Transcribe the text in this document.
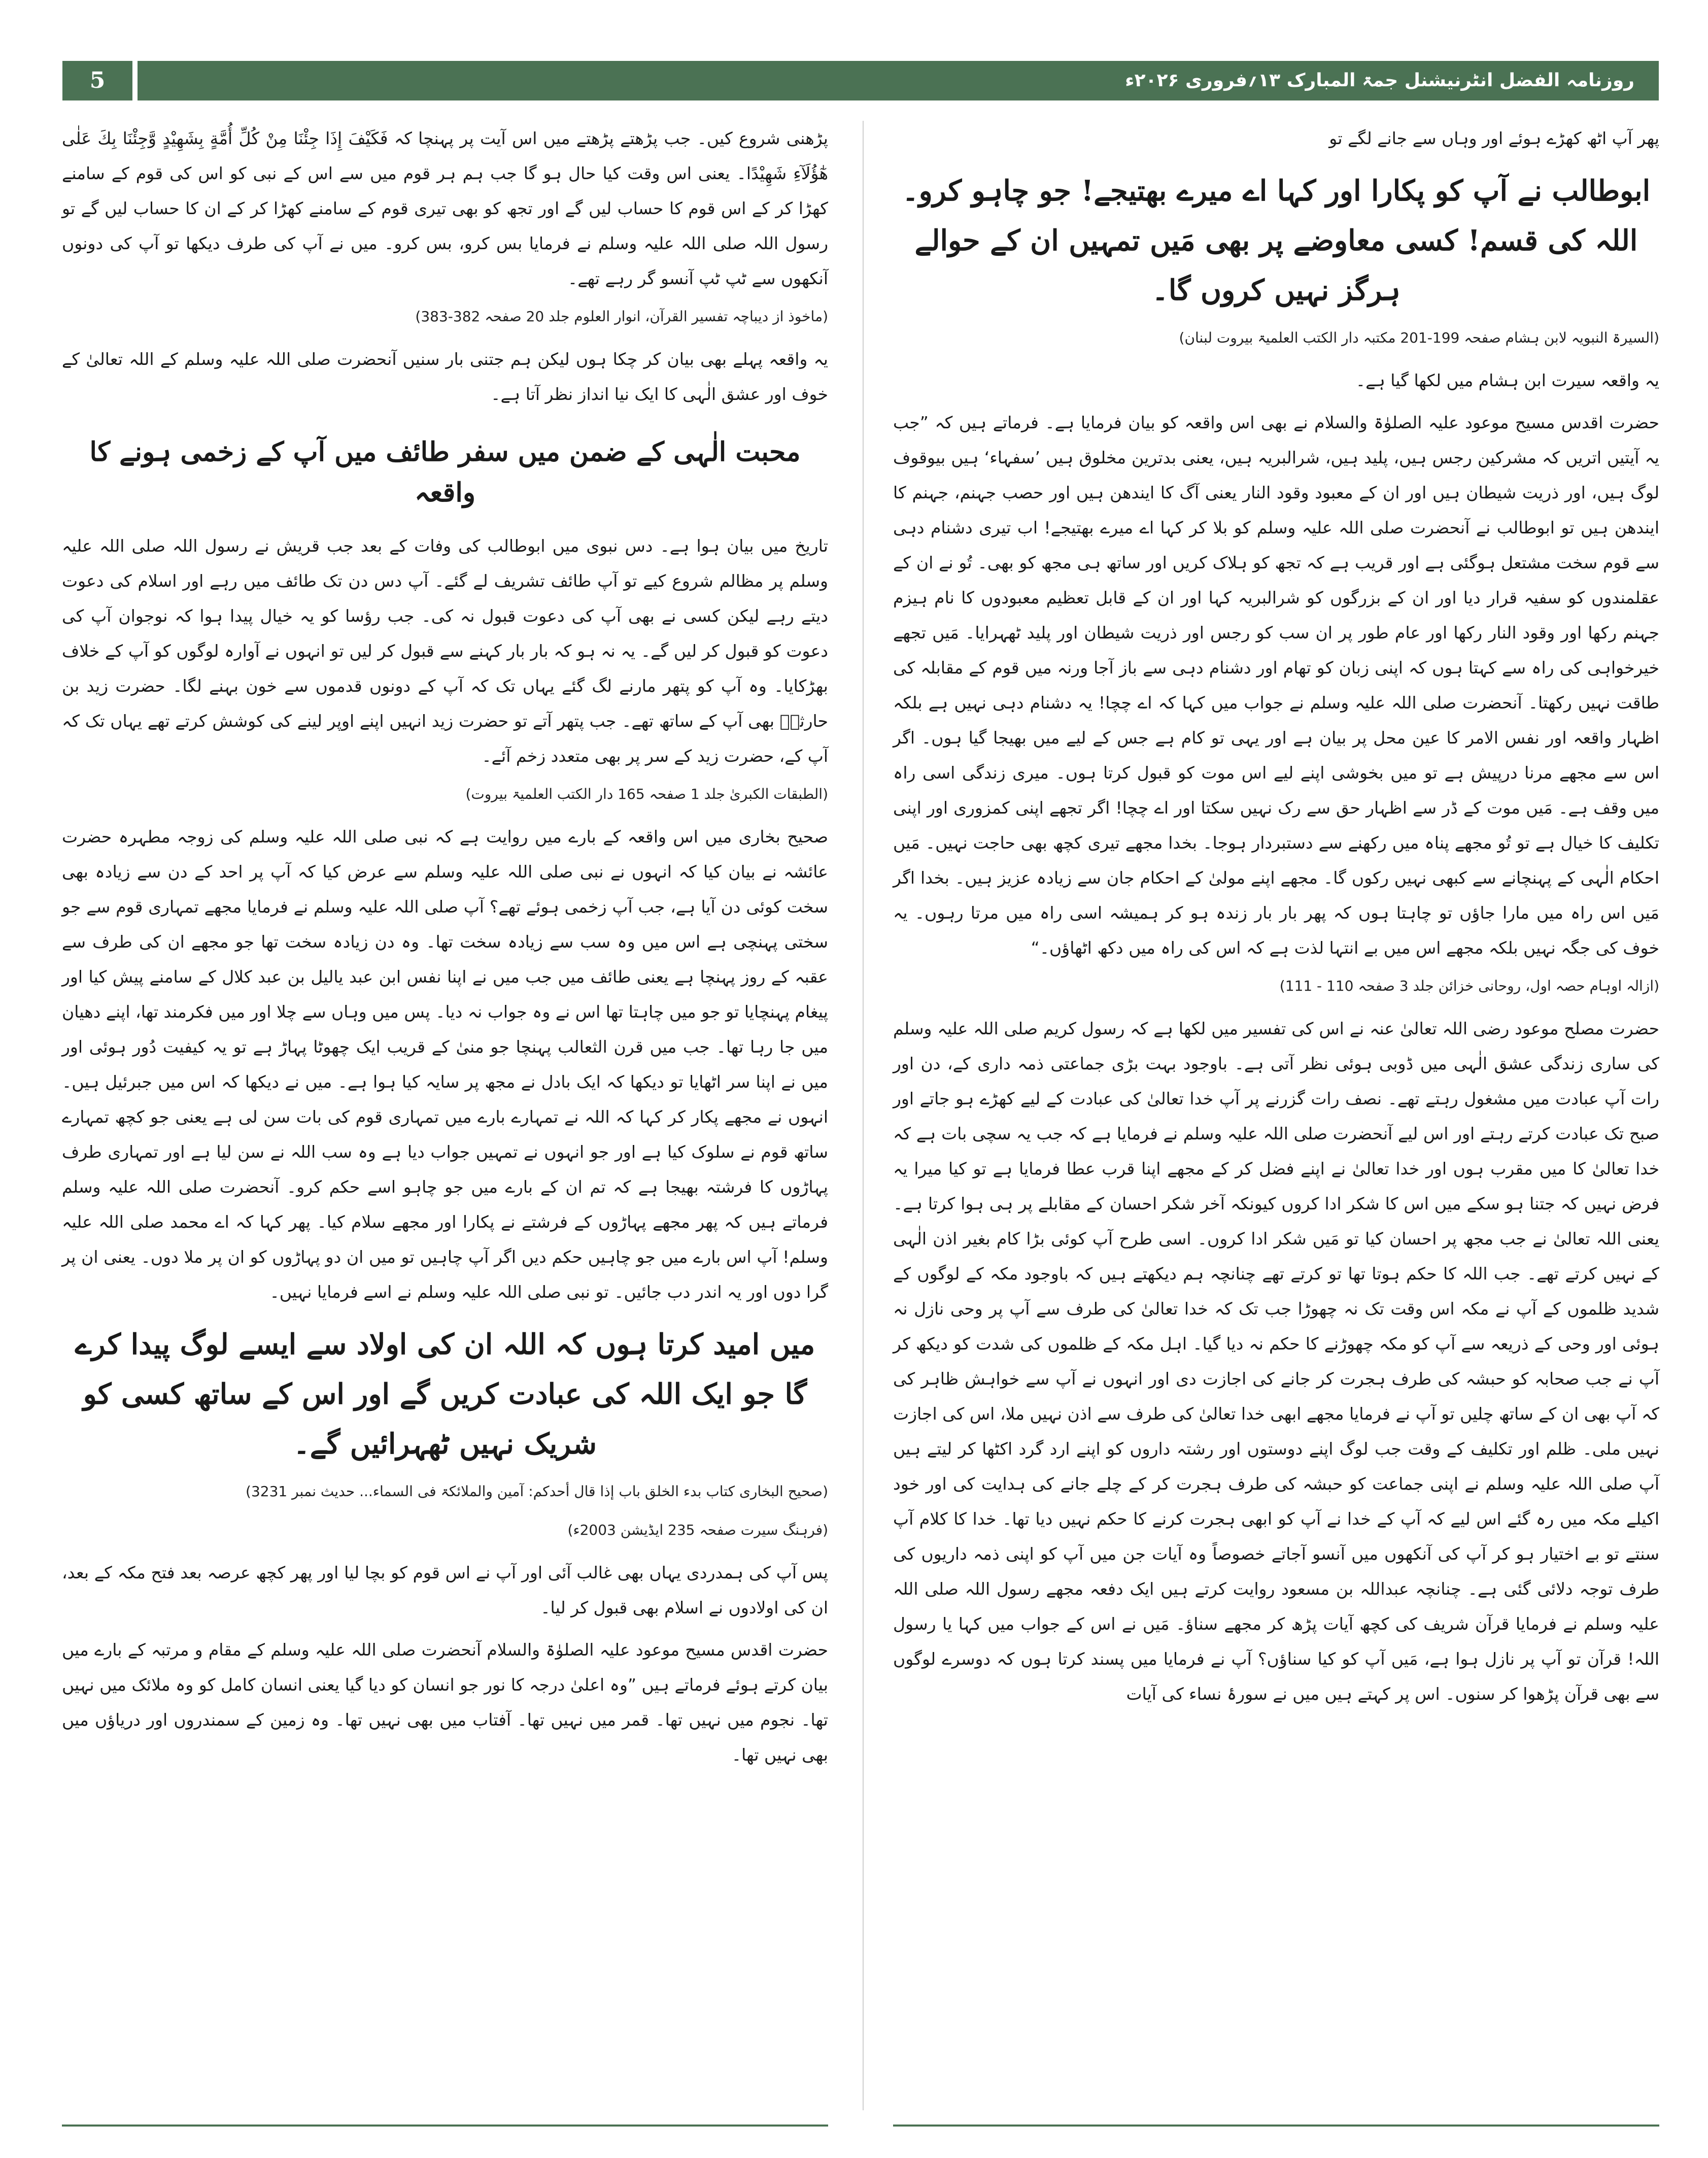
5	روزنامہ الفضل انٹرنیشنل جمۃ المبارک ۱۳؍فروری ۲۰۲۶ء

پھر آپ اٹھ کھڑے ہوئے اور وہاں سے جانے لگے تو

ابوطالب نے آپ کو پکارا اور کہا اے میرے بھتیجے! جو چاہو کرو۔ اللہ کی قسم! کسی معاوضے پر بھی مَیں تمہیں ان کے حوالے ہرگز نہیں کروں گا۔

(السیرۃ النبویہ لابن ہشام صفحہ 199-201 مکتبہ دار الکتب العلمیۃ بیروت لبنان)

یہ واقعہ سیرت ابن ہشام میں لکھا گیا ہے۔

حضرت اقدس مسیح موعود علیہ الصلوٰۃ والسلام نے بھی اس واقعہ کو بیان فرمایا ہے۔ فرماتے ہیں کہ ”جب یہ آیتیں اتریں کہ مشرکین رجس ہیں، پلید ہیں، شرالبریہ ہیں، یعنی بدترین مخلوق ہیں ’سفہاء‘ ہیں بیوقوف لوگ ہیں، اور ذریت شیطان ہیں اور ان کے معبود وقود النار یعنی آگ کا ایندھن ہیں اور حصب جہنم، جہنم کا ایندھن ہیں تو ابوطالب نے آنحضرت صلی اللہ علیہ وسلم کو بلا کر کہا اے میرے بھتیجے! اب تیری دشنام دہی سے قوم سخت مشتعل ہوگئی ہے اور قریب ہے کہ تجھ کو ہلاک کریں اور ساتھ ہی مجھ کو بھی۔ تُو نے ان کے عقلمندوں کو سفیہ قرار دیا اور ان کے بزرگوں کو شرالبریہ کہا اور ان کے قابل تعظیم معبودوں کا نام ہیزم جہنم رکھا اور وقود النار رکھا اور عام طور پر ان سب کو رجس اور ذریت شیطان اور پلید ٹھہرایا۔ مَیں تجھے خیرخواہی کی راہ سے کہتا ہوں کہ اپنی زبان کو تھام اور دشنام دہی سے باز آجا ورنہ میں قوم کے مقابلہ کی طاقت نہیں رکھتا۔ آنحضرت صلی اللہ علیہ وسلم نے جواب میں کہا کہ اے چچا! یہ دشنام دہی نہیں ہے بلکہ اظہار واقعہ اور نفس الامر کا عین محل پر بیان ہے اور یہی تو کام ہے جس کے لیے میں بھیجا گیا ہوں۔ اگر اس سے مجھے مرنا درپیش ہے تو میں بخوشی اپنے لیے اس موت کو قبول کرتا ہوں۔ میری زندگی اسی راہ میں وقف ہے۔ مَیں موت کے ڈر سے اظہار حق سے رک نہیں سکتا اور اے چچا! اگر تجھے اپنی کمزوری اور اپنی تکلیف کا خیال ہے تو تُو مجھے پناہ میں رکھنے سے دستبردار ہوجا۔ بخدا مجھے تیری کچھ بھی حاجت نہیں۔ مَیں احکام الٰہی کے پہنچانے سے کبھی نہیں رکوں گا۔ مجھے اپنے مولیٰ کے احکام جان سے زیادہ عزیز ہیں۔ بخدا اگر مَیں اس راہ میں مارا جاؤں تو چاہتا ہوں کہ پھر بار بار زندہ ہو کر ہمیشہ اسی راہ میں مرتا رہوں۔ یہ خوف کی جگہ نہیں بلکہ مجھے اس میں بے انتہا لذت ہے کہ اس کی راہ میں دکھ اٹھاؤں۔“

(ازالہ اوہام حصہ اول، روحانی خزائن جلد 3 صفحہ 110 - 111)

حضرت مصلح موعود رضی اللہ تعالیٰ عنہ نے اس کی تفسیر میں لکھا ہے کہ رسول کریم صلی اللہ علیہ وسلم کی ساری زندگی عشق الٰہی میں ڈوبی ہوئی نظر آتی ہے۔ باوجود بہت بڑی جماعتی ذمہ داری کے، دن اور رات آپ عبادت میں مشغول رہتے تھے۔ نصف رات گزرنے پر آپ خدا تعالیٰ کی عبادت کے لیے کھڑے ہو جاتے اور صبح تک عبادت کرتے رہتے اور اس لیے آنحضرت صلی اللہ علیہ وسلم نے فرمایا ہے کہ جب یہ سچی بات ہے کہ خدا تعالیٰ کا میں مقرب ہوں اور خدا تعالیٰ نے اپنے فضل کر کے مجھے اپنا قرب عطا فرمایا ہے تو کیا میرا یہ فرض نہیں کہ جتنا ہو سکے میں اس کا شکر ادا کروں کیونکہ آخر شکر احسان کے مقابلے پر ہی ہوا کرتا ہے۔ یعنی اللہ تعالیٰ نے جب مجھ پر احسان کیا تو مَیں شکر ادا کروں۔ اسی طرح آپ کوئی بڑا کام بغیر اذن الٰہی کے نہیں کرتے تھے۔ جب اللہ کا حکم ہوتا تھا تو کرتے تھے چنانچہ ہم دیکھتے ہیں کہ باوجود مکہ کے لوگوں کے شدید ظلموں کے آپ نے مکہ اس وقت تک نہ چھوڑا جب تک کہ خدا تعالیٰ کی طرف سے آپ پر وحی نازل نہ ہوئی اور وحی کے ذریعہ سے آپ کو مکہ چھوڑنے کا حکم نہ دیا گیا۔ اہل مکہ کے ظلموں کی شدت کو دیکھ کر آپ نے جب صحابہ کو حبشہ کی طرف ہجرت کر جانے کی اجازت دی اور انہوں نے آپ سے خواہش ظاہر کی کہ آپ بھی ان کے ساتھ چلیں تو آپ نے فرمایا مجھے ابھی خدا تعالیٰ کی طرف سے اذن نہیں ملا، اس کی اجازت نہیں ملی۔ ظلم اور تکلیف کے وقت جب لوگ اپنے دوستوں اور رشتہ داروں کو اپنے ارد گرد اکٹھا کر لیتے ہیں آپ صلی اللہ علیہ وسلم نے اپنی جماعت کو حبشہ کی طرف ہجرت کر کے چلے جانے کی ہدایت کی اور خود اکیلے مکہ میں رہ گئے اس لیے کہ آپ کے خدا نے آپ کو ابھی ہجرت کرنے کا حکم نہیں دیا تھا۔ خدا کا کلام آپ سنتے تو بے اختیار ہو کر آپ کی آنکھوں میں آنسو آجاتے خصوصاً وہ آیات جن میں آپ کو اپنی ذمہ داریوں کی طرف توجہ دلائی گئی ہے۔ چنانچہ عبداللہ بن مسعود روایت کرتے ہیں ایک دفعہ مجھے رسول اللہ صلی اللہ علیہ وسلم نے فرمایا قرآن شریف کی کچھ آیات پڑھ کر مجھے سناؤ۔ مَیں نے اس کے جواب میں کہا یا رسول اللہ! قرآن تو آپ پر نازل ہوا ہے، مَیں آپ کو کیا سناؤں؟ آپ نے فرمایا میں پسند کرتا ہوں کہ دوسرے لوگوں سے بھی قرآن پڑھوا کر سنوں۔ اس پر کہتے ہیں میں نے سورۂ نساء کی آیات

پڑھنی شروع کیں۔ جب پڑھتے پڑھتے میں اس آیت پر پہنچا کہ فَكَيْفَ إِذَا جِئْنَا مِنْ كُلِّ أُمَّةٍ بِشَهِيْدٍ وَّجِئْنَا بِكَ عَلٰى هٰٓؤُلَآءِ شَهِيْدًا۔ یعنی اس وقت کیا حال ہو گا جب ہم ہر قوم میں سے اس کے نبی کو اس کی قوم کے سامنے کھڑا کر کے اس قوم کا حساب لیں گے اور تجھ کو بھی تیری قوم کے سامنے کھڑا کر کے ان کا حساب لیں گے تو رسول اللہ صلی اللہ علیہ وسلم نے فرمایا بس کرو، بس کرو۔ میں نے آپ کی طرف دیکھا تو آپ کی دونوں آنکھوں سے ٹپ ٹپ آنسو گر رہے تھے۔

(ماخوذ از دیباچہ تفسیر القرآن، انوار العلوم جلد 20 صفحہ 382-383)

یہ واقعہ پہلے بھی بیان کر چکا ہوں لیکن ہم جتنی بار سنیں آنحضرت صلی اللہ علیہ وسلم کے اللہ تعالیٰ کے خوف اور عشق الٰہی کا ایک نیا انداز نظر آتا ہے۔

محبت الٰہی کے ضمن میں سفر طائف میں آپ کے زخمی ہونے کا واقعہ

تاریخ میں بیان ہوا ہے۔ دس نبوی میں ابوطالب کی وفات کے بعد جب قریش نے رسول اللہ صلی اللہ علیہ وسلم پر مظالم شروع کیے تو آپ طائف تشریف لے گئے۔ آپ دس دن تک طائف میں رہے اور اسلام کی دعوت دیتے رہے لیکن کسی نے بھی آپ کی دعوت قبول نہ کی۔ جب رؤسا کو یہ خیال پیدا ہوا کہ نوجوان آپ کی دعوت کو قبول کر لیں گے۔ یہ نہ ہو کہ بار بار کہنے سے قبول کر لیں تو انہوں نے آوارہ لوگوں کو آپ کے خلاف بھڑکایا۔ وہ آپ کو پتھر مارنے لگ گئے یہاں تک کہ آپ کے دونوں قدموں سے خون بہنے لگا۔ حضرت زید بن حارثہؓ بھی آپ کے ساتھ تھے۔ جب پتھر آتے تو حضرت زید انہیں اپنے اوپر لینے کی کوشش کرتے تھے یہاں تک کہ آپ کے، حضرت زید کے سر پر بھی متعدد زخم آئے۔

(الطبقات الکبریٰ جلد 1 صفحہ 165 دار الکتب العلمیۃ بیروت)

صحیح بخاری میں اس واقعہ کے بارے میں روایت ہے کہ نبی صلی اللہ علیہ وسلم کی زوجہ مطہرہ حضرت عائشہ نے بیان کیا کہ انہوں نے نبی صلی اللہ علیہ وسلم سے عرض کیا کہ آپ پر احد کے دن سے زیادہ بھی سخت کوئی دن آیا ہے، جب آپ زخمی ہوئے تھے؟ آپ صلی اللہ علیہ وسلم نے فرمایا مجھے تمہاری قوم سے جو سختی پہنچی ہے اس میں وہ سب سے زیادہ سخت تھا۔ وہ دن زیادہ سخت تھا جو مجھے ان کی طرف سے عقبہ کے روز پہنچا ہے یعنی طائف میں جب میں نے اپنا نفس ابن عبد یالیل بن عبد کلال کے سامنے پیش کیا اور پیغام پہنچایا تو جو میں چاہتا تھا اس نے وہ جواب نہ دیا۔ پس میں وہاں سے چلا اور میں فکرمند تھا، اپنے دھیان میں جا رہا تھا۔ جب میں قرن الثعالب پہنچا جو منیٰ کے قریب ایک چھوٹا پہاڑ ہے تو یہ کیفیت دُور ہوئی اور میں نے اپنا سر اٹھایا تو دیکھا کہ ایک بادل نے مجھ پر سایہ کیا ہوا ہے۔ میں نے دیکھا کہ اس میں جبرئیل ہیں۔ انہوں نے مجھے پکار کر کہا کہ اللہ نے تمہارے بارے میں تمہاری قوم کی بات سن لی ہے یعنی جو کچھ تمہارے ساتھ قوم نے سلوک کیا ہے اور جو انہوں نے تمہیں جواب دیا ہے وہ سب اللہ نے سن لیا ہے اور تمہاری طرف پہاڑوں کا فرشتہ بھیجا ہے کہ تم ان کے بارے میں جو چاہو اسے حکم کرو۔ آنحضرت صلی اللہ علیہ وسلم فرماتے ہیں کہ پھر مجھے پہاڑوں کے فرشتے نے پکارا اور مجھے سلام کیا۔ پھر کہا کہ اے محمد صلی اللہ علیہ وسلم! آپ اس بارے میں جو چاہیں حکم دیں اگر آپ چاہیں تو میں ان دو پہاڑوں کو ان پر ملا دوں۔ یعنی ان پر گرا دوں اور یہ اندر دب جائیں۔ تو نبی صلی اللہ علیہ وسلم نے اسے فرمایا نہیں۔

میں امید کرتا ہوں کہ اللہ ان کی اولاد سے ایسے لوگ پیدا کرے گا جو ایک اللہ کی عبادت کریں گے اور اس کے ساتھ کسی کو شریک نہیں ٹھہرائیں گے۔

(صحیح البخاری کتاب بدء الخلق باب إذا قال أحدکم: آمین والملائکۃ فی السماء... حدیث نمبر 3231)

(فرہنگ سیرت صفحہ 235 ایڈیشن 2003ء)

پس آپ کی ہمدردی یہاں بھی غالب آئی اور آپ نے اس قوم کو بچا لیا اور پھر کچھ عرصہ بعد فتح مکہ کے بعد، ان کی اولادوں نے اسلام بھی قبول کر لیا۔

حضرت اقدس مسیح موعود علیہ الصلوٰۃ والسلام آنحضرت صلی اللہ علیہ وسلم کے مقام و مرتبہ کے بارے میں بیان کرتے ہوئے فرماتے ہیں ”وہ اعلیٰ درجہ کا نور جو انسان کو دیا گیا یعنی انسان کامل کو وہ ملائک میں نہیں تھا۔ نجوم میں نہیں تھا۔ قمر میں نہیں تھا۔ آفتاب میں بھی نہیں تھا۔ وہ زمین کے سمندروں اور دریاؤں میں بھی نہیں تھا۔
